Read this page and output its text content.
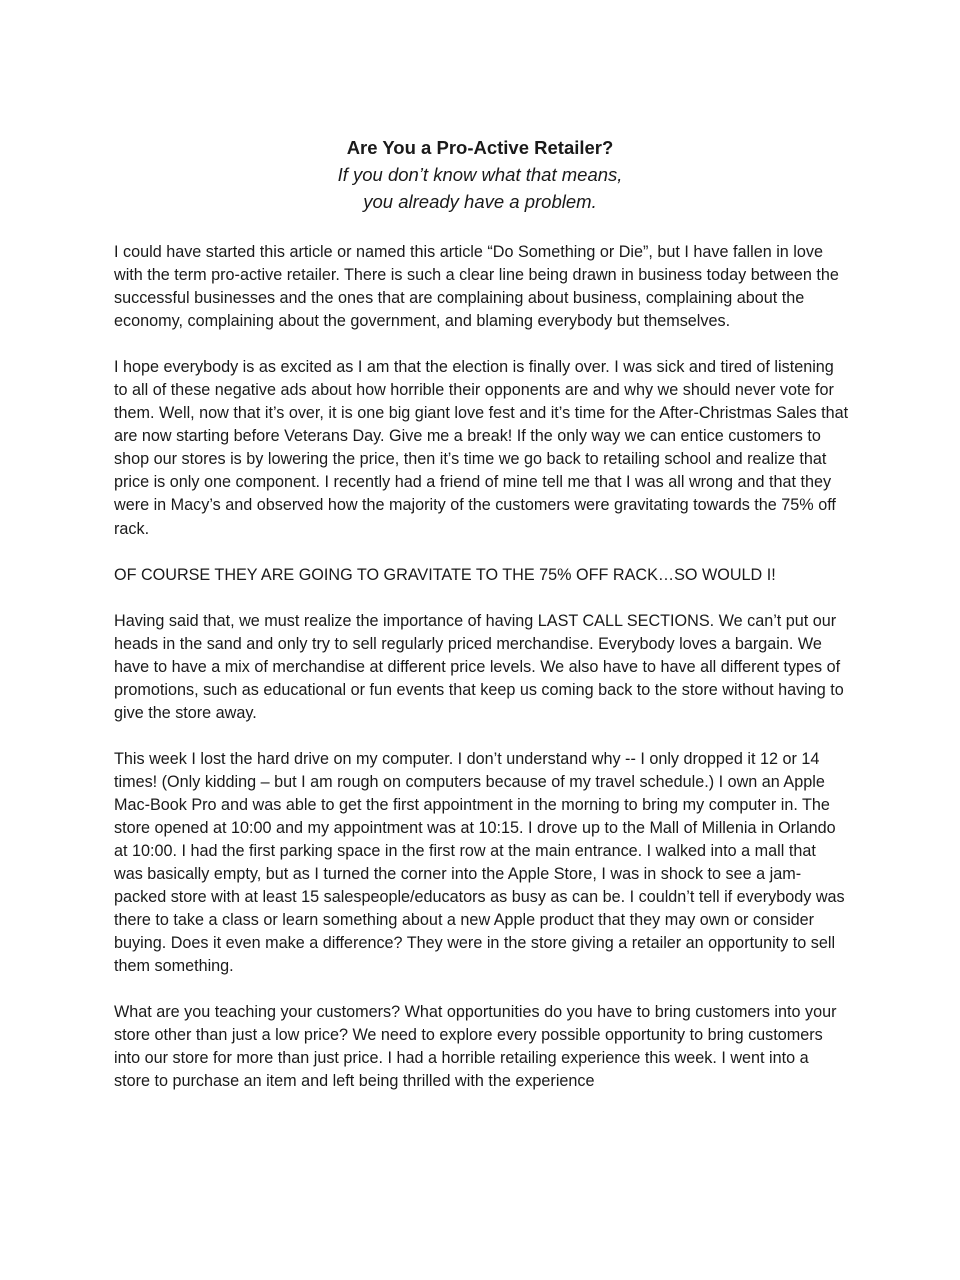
Are You a Pro-Active Retailer?

If you don’t know what that means,

you already have a problem.

I could have started this article or named this article “Do Something or Die”, but I have fallen in love with the term pro-active retailer. There is such a clear line being drawn in business today between the successful businesses and the ones that are complaining about business, complaining about the economy, complaining about the government, and blaming everybody but themselves.

I hope everybody is as excited as I am that the election is finally over. I was sick and tired of listening to all of these negative ads about how horrible their opponents are and why we should never vote for them. Well, now that it’s over, it is one big giant love fest and it’s time for the After-Christmas Sales that are now starting before Veterans Day. Give me a break! If the only way we can entice customers to shop our stores is by lowering the price, then it’s time we go back to retailing school and realize that price is only one component. I recently had a friend of mine tell me that I was all wrong and that they were in Macy’s and observed how the majority of the customers were gravitating towards the 75% off rack.

OF COURSE THEY ARE GOING TO GRAVITATE TO THE 75% OFF RACK…SO WOULD I!

Having said that, we must realize the importance of having LAST CALL SECTIONS. We can’t put our heads in the sand and only try to sell regularly priced merchandise. Everybody loves a bargain. We have to have a mix of merchandise at different price levels. We also have to have all different types of promotions, such as educational or fun events that keep us coming back to the store without having to give the store away.

This week I lost the hard drive on my computer. I don’t understand why -- I only dropped it 12 or 14 times! (Only kidding – but I am rough on computers because of my travel schedule.) I own an Apple Mac-Book Pro and was able to get the first appointment in the morning to bring my computer in. The store opened at 10:00 and my appointment was at 10:15. I drove up to the Mall of Millenia in Orlando at 10:00. I had the first parking space in the first row at the main entrance. I walked into a mall that was basically empty, but as I turned the corner into the Apple Store, I was in shock to see a jam-packed store with at least 15 salespeople/educators as busy as can be. I couldn’t tell if everybody was there to take a class or learn something about a new Apple product that they may own or consider buying. Does it even make a difference? They were in the store giving a retailer an opportunity to sell them something.

What are you teaching your customers? What opportunities do you have to bring customers into your store other than just a low price? We need to explore every possible opportunity to bring customers into our store for more than just price. I had a horrible retailing experience this week. I went into a store to purchase an item and left being thrilled with the experience
